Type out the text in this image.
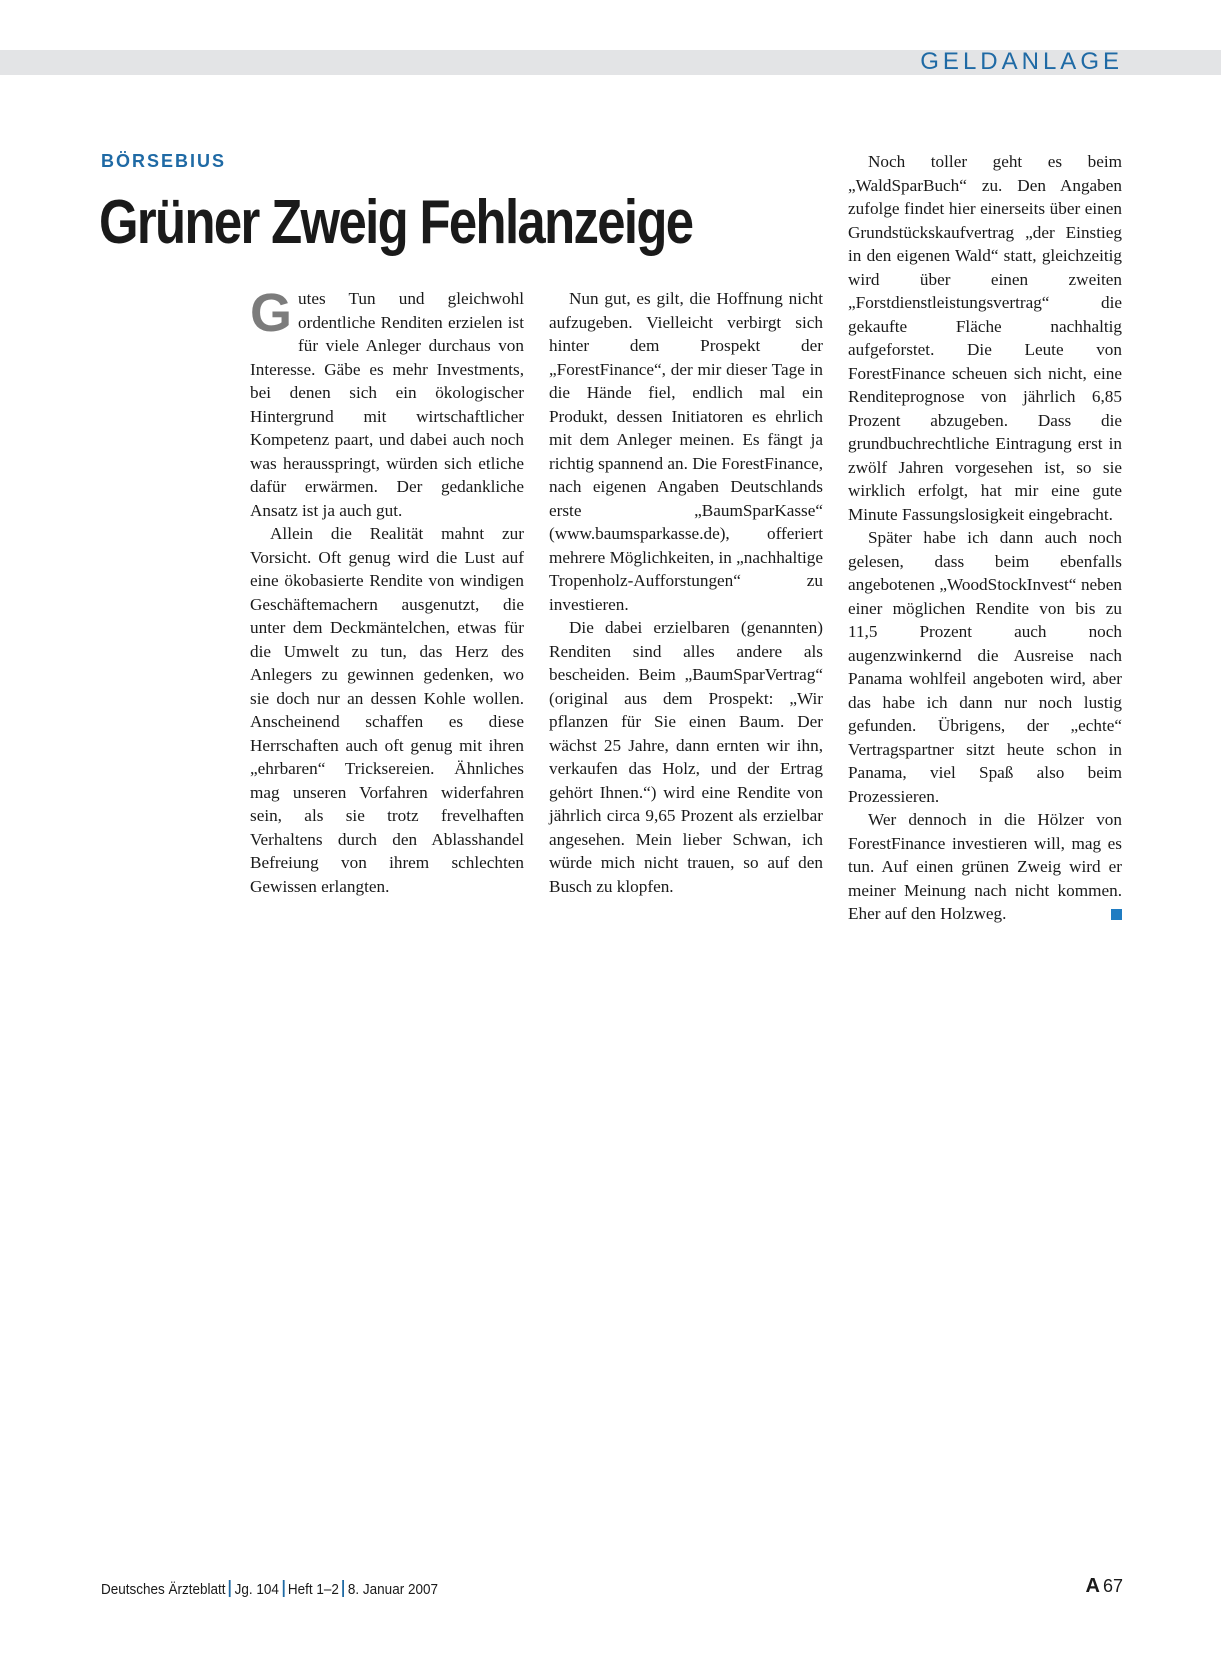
GELDANLAGE
BÖRSEBIUS
Grüner Zweig Fehlanzeige

Gutes Tun und gleichwohl ordentliche Renditen erzielen ist für viele Anleger durchaus von Interesse. Gäbe es mehr Investments, bei denen sich ein ökologischer Hintergrund mit wirtschaftlicher Kompetenz paart, und dabei auch noch was herausspringt, würden sich etliche dafür erwärmen. Der gedankliche Ansatz ist ja auch gut.

Allein die Realität mahnt zur Vorsicht. Oft genug wird die Lust auf eine ökobasierte Rendite von windigen Geschäftemachern ausgenutzt, die unter dem Deckmäntelchen, etwas für die Umwelt zu tun, das Herz des Anlegers zu gewinnen gedenken, wo sie doch nur an dessen Kohle wollen. Anscheinend schaffen es diese Herrschaften auch oft genug mit ihren „ehrbaren“ Tricksereien. Ähnliches mag unseren Vorfahren widerfahren sein, als sie trotz frevelhaften Verhaltens durch den Ablasshandel Befreiung von ihrem schlechten Gewissen erlangten.

Nun gut, es gilt, die Hoffnung nicht aufzugeben. Vielleicht verbirgt sich hinter dem Prospekt der „ForestFinance“, der mir dieser Tage in die Hände fiel, endlich mal ein Produkt, dessen Initiatoren es ehrlich mit dem Anleger meinen. Es fängt ja richtig spannend an. Die ForestFinance, nach eigenen Angaben Deutschlands erste „BaumSparKasse“ (www.baumsparkasse.de), offeriert mehrere Möglichkeiten, in „nachhaltige Tropenholz-Aufforstungen“ zu investieren.

Die dabei erzielbaren (genannten) Renditen sind alles andere als bescheiden. Beim „BaumSparVertrag“ (original aus dem Prospekt: „Wir pflanzen für Sie einen Baum. Der wächst 25 Jahre, dann ernten wir ihn, verkaufen das Holz, und der Ertrag gehört Ihnen.“) wird eine Rendite von jährlich circa 9,65 Prozent als erzielbar angesehen. Mein lieber Schwan, ich würde mich nicht trauen, so auf den Busch zu klopfen.

Noch toller geht es beim „WaldSparBuch“ zu. Den Angaben zufolge findet hier einerseits über einen Grundstückskaufvertrag „der Einstieg in den eigenen Wald“ statt, gleichzeitig wird über einen zweiten „Forstdienstleistungsvertrag“ die gekaufte Fläche nachhaltig aufgeforstet. Die Leute von ForestFinance scheuen sich nicht, eine Renditeprognose von jährlich 6,85 Prozent abzugeben. Dass die grundbuchrechtliche Eintragung erst in zwölf Jahren vorgesehen ist, so sie wirklich erfolgt, hat mir eine gute Minute Fassungslosigkeit eingebracht.

Später habe ich dann auch noch gelesen, dass beim ebenfalls angebotenen „WoodStockInvest“ neben einer möglichen Rendite von bis zu 11,5 Prozent auch noch augenzwinkernd die Ausreise nach Panama wohlfeil angeboten wird, aber das habe ich dann nur noch lustig gefunden. Übrigens, der „echte“ Vertragspartner sitzt heute schon in Panama, viel Spaß also beim Prozessieren.

Wer dennoch in die Hölzer von ForestFinance investieren will, mag es tun. Auf einen grünen Zweig wird er meiner Meinung nach nicht kommen. Eher auf den Holzweg.

Deutsches Ärzteblatt Jg. 104 Heft 1–2 8. Januar 2007	A 67
